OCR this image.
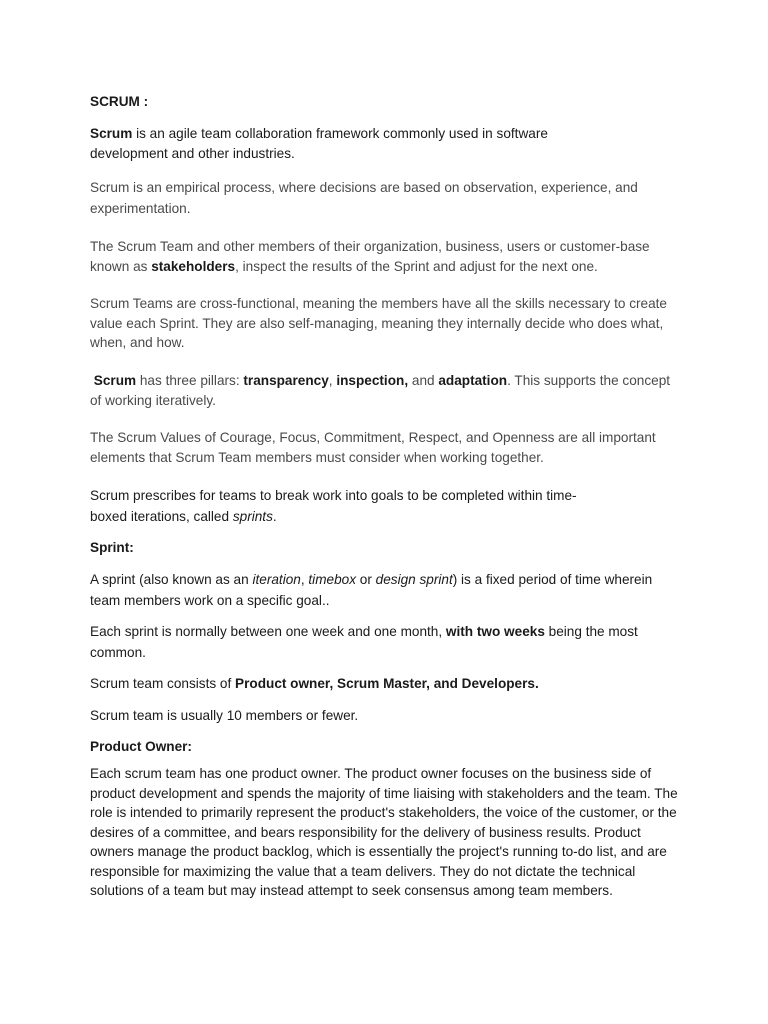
SCRUM :

Scrum is an agile team collaboration framework commonly used in software development and other industries.

Scrum is an empirical process, where decisions are based on observation, experience, and experimentation.

The Scrum Team and other members of their organization, business, users or customer-base known as stakeholders, inspect the results of the Sprint and adjust for the next one.

Scrum Teams are cross-functional, meaning the members have all the skills necessary to create value each Sprint. They are also self-managing, meaning they internally decide who does what, when, and how.

Scrum has three pillars: transparency, inspection, and adaptation. This supports the concept of working iteratively.

The Scrum Values of Courage, Focus, Commitment, Respect, and Openness are all important elements that Scrum Team members must consider when working together.

Scrum prescribes for teams to break work into goals to be completed within time-boxed iterations, called sprints.

Sprint:

A sprint (also known as an iteration, timebox or design sprint) is a fixed period of time wherein team members work on a specific goal..

Each sprint is normally between one week and one month, with two weeks being the most common.

Scrum team consists of Product owner, Scrum Master, and Developers.

Scrum team is usually 10 members or fewer.

Product Owner:

Each scrum team has one product owner. The product owner focuses on the business side of product development and spends the majority of time liaising with stakeholders and the team. The role is intended to primarily represent the product's stakeholders, the voice of the customer, or the desires of a committee, and bears responsibility for the delivery of business results. Product owners manage the product backlog, which is essentially the project's running to-do list, and are responsible for maximizing the value that a team delivers. They do not dictate the technical solutions of a team but may instead attempt to seek consensus among team members.
